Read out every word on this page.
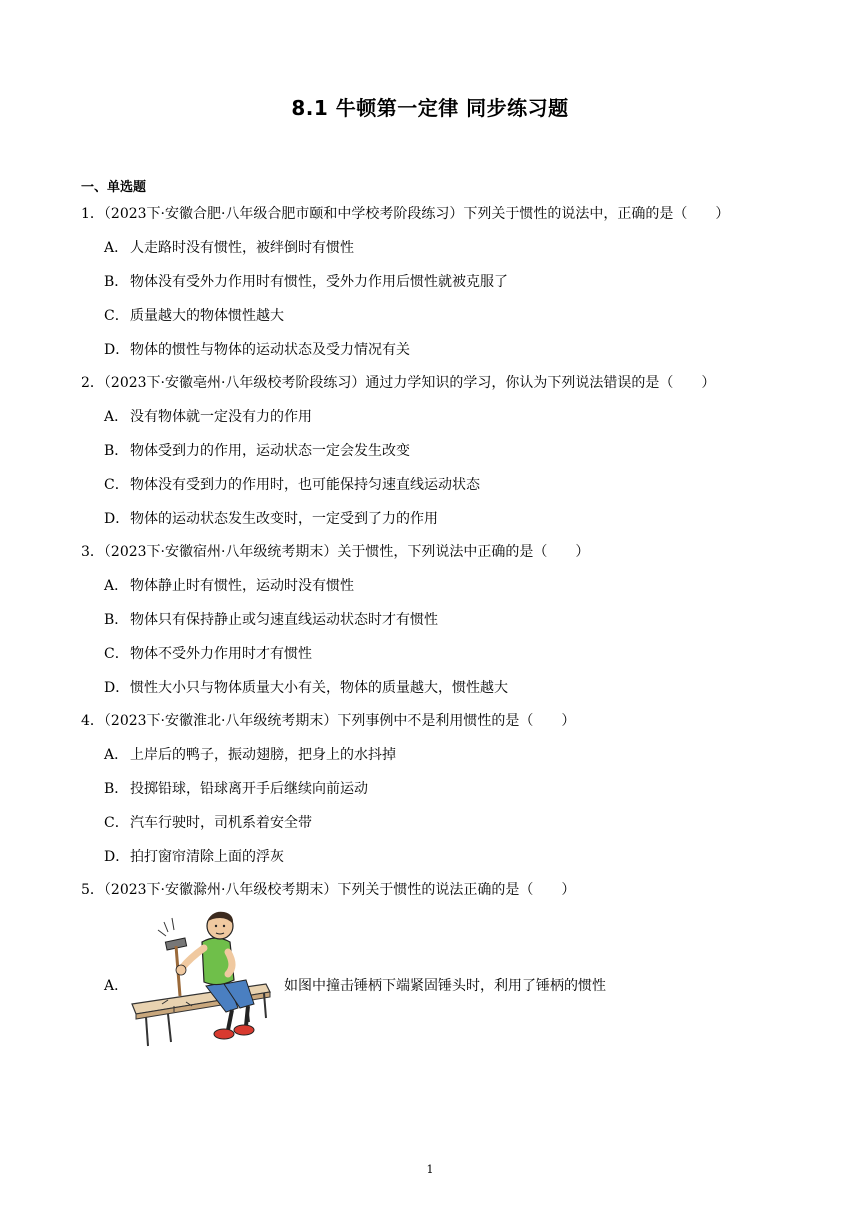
8.1 牛顿第一定律 同步练习题
一、单选题
1．（2023下·安徽合肥·八年级合肥市颐和中学校考阶段练习）下列关于惯性的说法中，正确的是（　　）
A． 人走路时没有惯性，被绊倒时有惯性
B． 物体没有受外力作用时有惯性，受外力作用后惯性就被克服了
C．质量越大的物体惯性越大
D．物体的惯性与物体的运动状态及受力情况有关
2．（2023下·安徽亳州·八年级校考阶段练习）通过力学知识的学习，你认为下列说法错误的是（　　）
A． 没有物体就一定没有力的作用
B． 物体受到力的作用，运动状态一定会发生改变
C．物体没有受到力的作用时，也可能保持匀速直线运动状态
D．物体的运动状态发生改变时，一定受到了力的作用
3．（2023下·安徽宿州·八年级统考期末）关于惯性，下列说法中正确的是（　　）
A． 物体静止时有惯性，运动时没有惯性
B． 物体只有保持静止或匀速直线运动状态时才有惯性
C．物体不受外力作用时才有惯性
D．惯性大小只与物体质量大小有关，物体的质量越大，惯性越大
4．（2023下·安徽淮北·八年级统考期末）下列事例中不是利用惯性的是（　　）
A． 上岸后的鸭子，振动翅膀，把身上的水抖掉
B． 投掷铅球，铅球离开手后继续向前运动
C．汽车行驶时，司机系着安全带
D．拍打窗帘清除上面的浮灰
5．（2023下·安徽滁州·八年级校考期末）下列关于惯性的说法正确的是（　　）
A．	如图中撞击锤柄下端紧固锤头时，利用了锤柄的惯性
1
